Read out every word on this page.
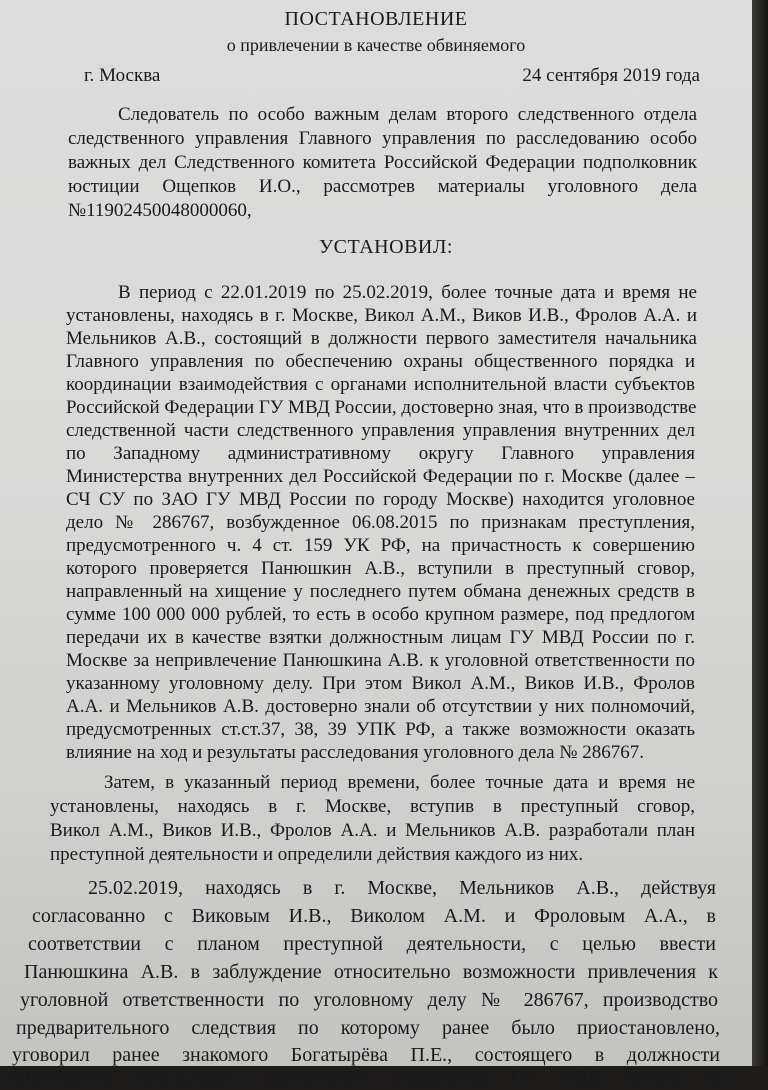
ПОСТАНОВЛЕНИЕ
о привлечении в качестве обвиняемого
г. Москва	24 сентября 2019 года
Следователь по особо важным делам второго следственного отдела
следственного управления Главного управления по расследованию особо
важных дел Следственного комитета Российской Федерации подполковник
юстиции Ощепков И.О., рассмотрев материалы уголовного дела
№11902450048000060,
УСТАНОВИЛ:
В период с 22.01.2019 по 25.02.2019, более точные дата и время не
установлены, находясь в г. Москве, Викол А.М., Виков И.В., Фролов А.А. и
Мельников А.В., состоящий в должности первого заместителя начальника
Главного управления по обеспечению охраны общественного порядка и
координации взаимодействия с органами исполнительной власти субъектов
Российской Федерации ГУ МВД России, достоверно зная, что в производстве
следственной части следственного управления управления внутренних дел
по Западному административному округу Главного управления
Министерства внутренних дел Российской Федерации по г. Москве (далее –
СЧ СУ по ЗАО ГУ МВД России по городу Москве) находится уголовное
дело № 286767, возбужденное 06.08.2015 по признакам преступления,
предусмотренного ч. 4 ст. 159 УК РФ, на причастность к совершению
которого проверяется Панюшкин А.В., вступили в преступный сговор,
направленный на хищение у последнего путем обмана денежных средств в
сумме 100 000 000 рублей, то есть в особо крупном размере, под предлогом
передачи их в качестве взятки должностным лицам ГУ МВД России по г.
Москве за непривлечение Панюшкина А.В. к уголовной ответственности по
указанному уголовному делу. При этом Викол А.М., Виков И.В., Фролов
А.А. и Мельников А.В. достоверно знали об отсутствии у них полномочий,
предусмотренных ст.ст.37, 38, 39 УПК РФ, а также возможности оказать
влияние на ход и результаты расследования уголовного дела № 286767.
Затем, в указанный период времени, более точные дата и время не
установлены, находясь в г. Москве, вступив в преступный сговор,
Викол А.М., Виков И.В., Фролов А.А. и Мельников А.В. разработали план
преступной деятельности и определили действия каждого из них.
25.02.2019, находясь в г. Москве, Мельников А.В., действуя
согласованно с Виковым И.В., Виколом А.М. и Фроловым А.А., в
соответствии с планом преступной деятельности, с целью ввести
Панюшкина А.В. в заблуждение относительно возможности привлечения к
уголовной ответственности по уголовному делу № 286767, производство
предварительного следствия по которому ранее было приостановлено,
уговорил ранее знакомого Богатырёва П.Е., состоящего в должности
заместителя начальника следственного управления ГУ МВД России по
